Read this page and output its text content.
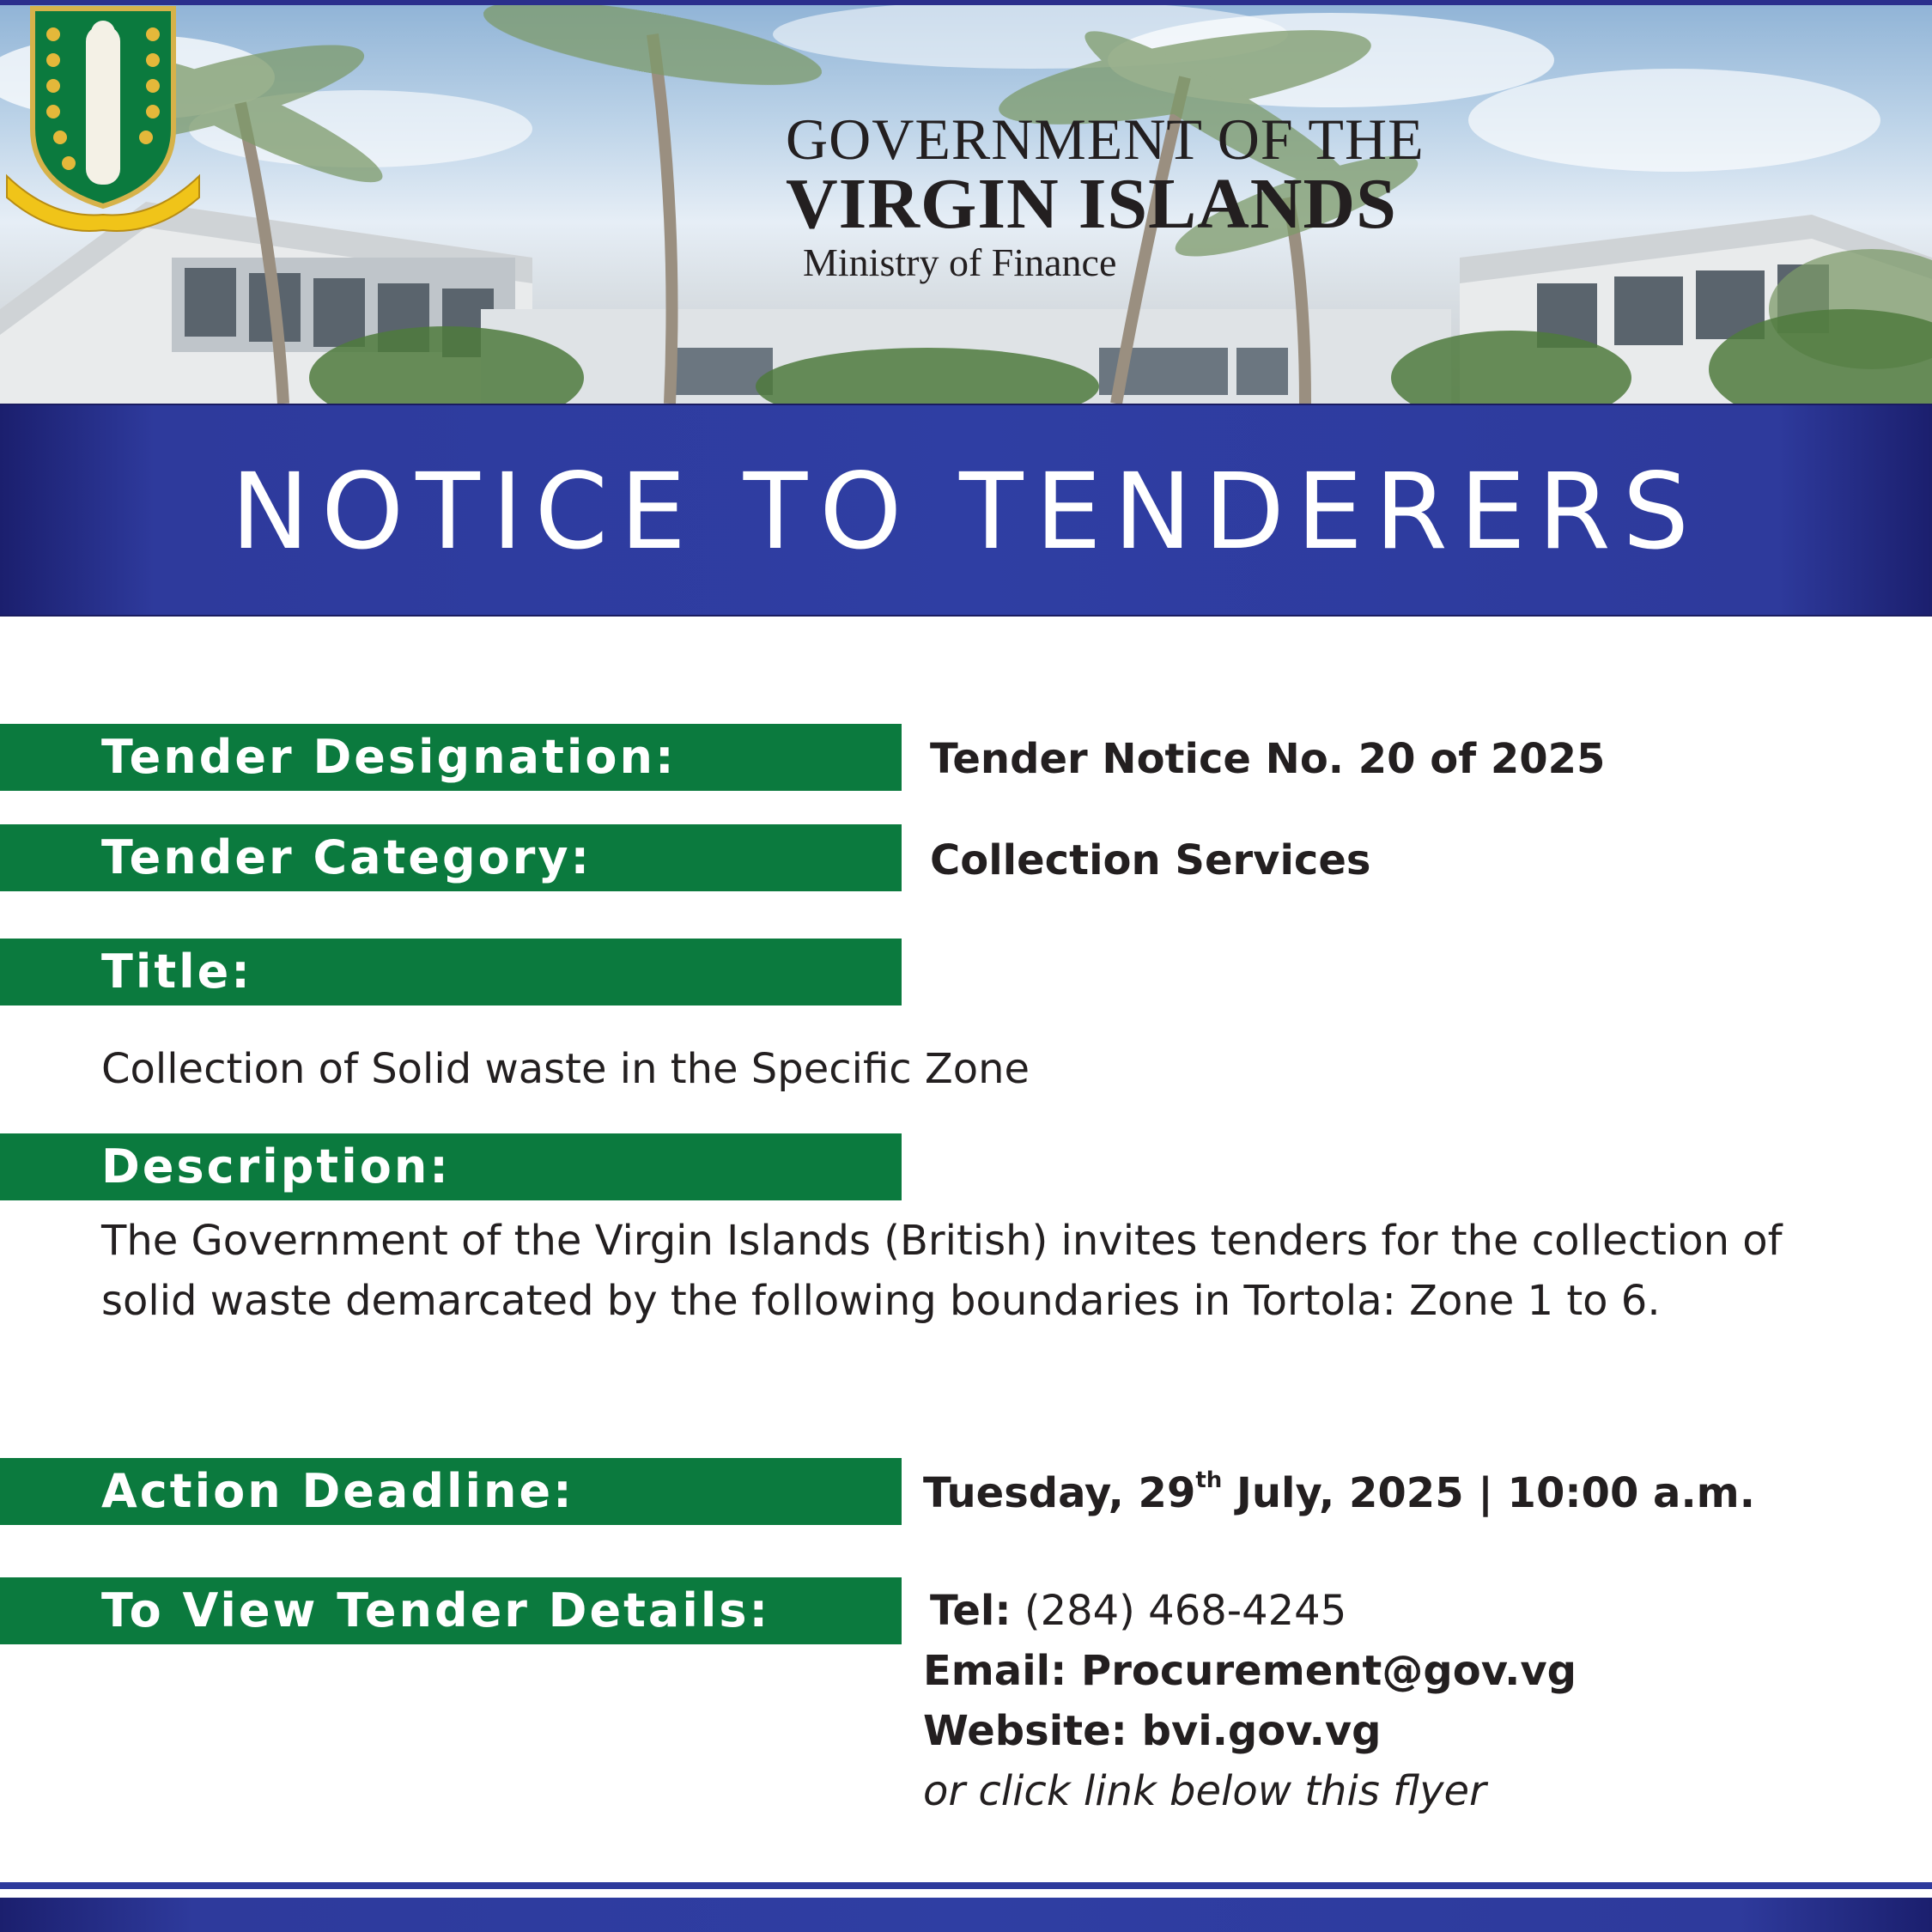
GOVERNMENT OF THE
VIRGIN ISLANDS
Ministry of Finance
NOTICE TO TENDERERS
Tender Designation:	Tender Notice No. 20 of 2025
Tender Category:	Collection Services
Title:
Collection of Solid waste in the Specific Zone
Description:
The Government of the Virgin Islands (British) invites tenders for the collection of solid waste demarcated by the following boundaries in Tortola: Zone 1 to 6.
Action Deadline:	Tuesday, 29th July, 2025 | 10:00 a.m.
To View Tender Details:	Tel: (284) 468-4245
Email: Procurement@gov.vg
Website: bvi.gov.vg
or click link below this flyer
